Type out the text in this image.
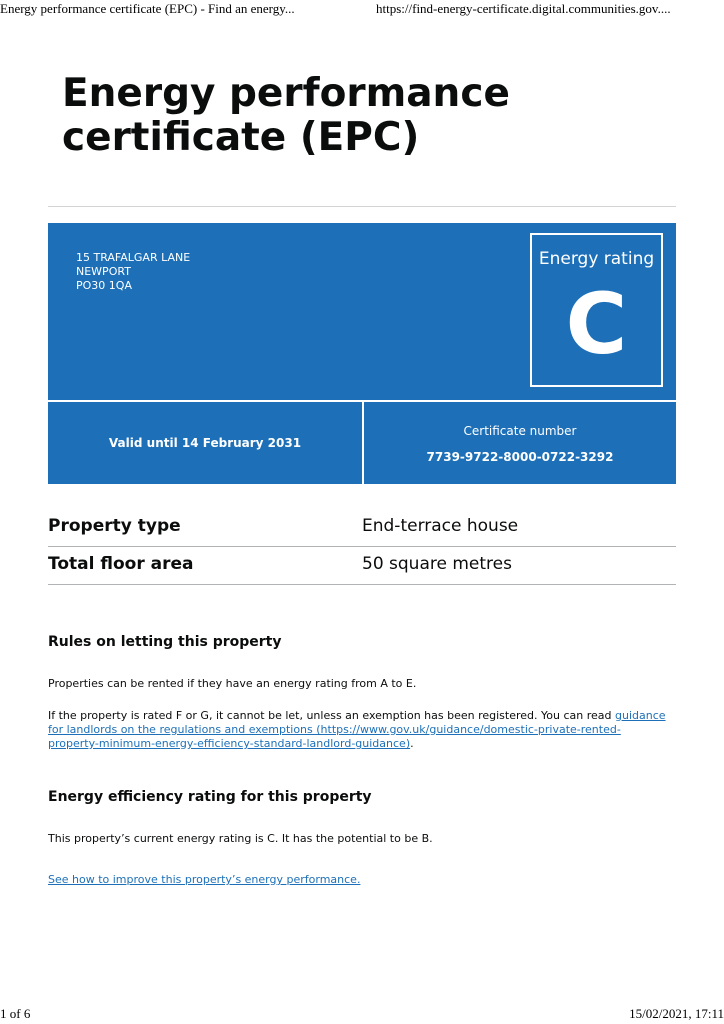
Energy performance certificate (EPC) - Find an energy...	https://find-energy-certificate.digital.communities.gov....
Energy performance certificate (EPC)
15 TRAFALGAR LANE
NEWPORT
PO30 1QA
Energy rating
C
Valid until 14 February 2031
Certificate number
7739-9722-8000-0722-3292
Property type	End-terrace house
Total floor area	50 square metres
Rules on letting this property

Properties can be rented if they have an energy rating from A to E.

If the property is rated F or G, it cannot be let, unless an exemption has been registered. You can read guidance for landlords on the regulations and exemptions (https://www.gov.uk/guidance/domestic-private-rented-property-minimum-energy-efficiency-standard-landlord-guidance).

Energy efficiency rating for this property

This property’s current energy rating is C. It has the potential to be B.

See how to improve this property’s energy performance.
1 of 6	15/02/2021, 17:11
